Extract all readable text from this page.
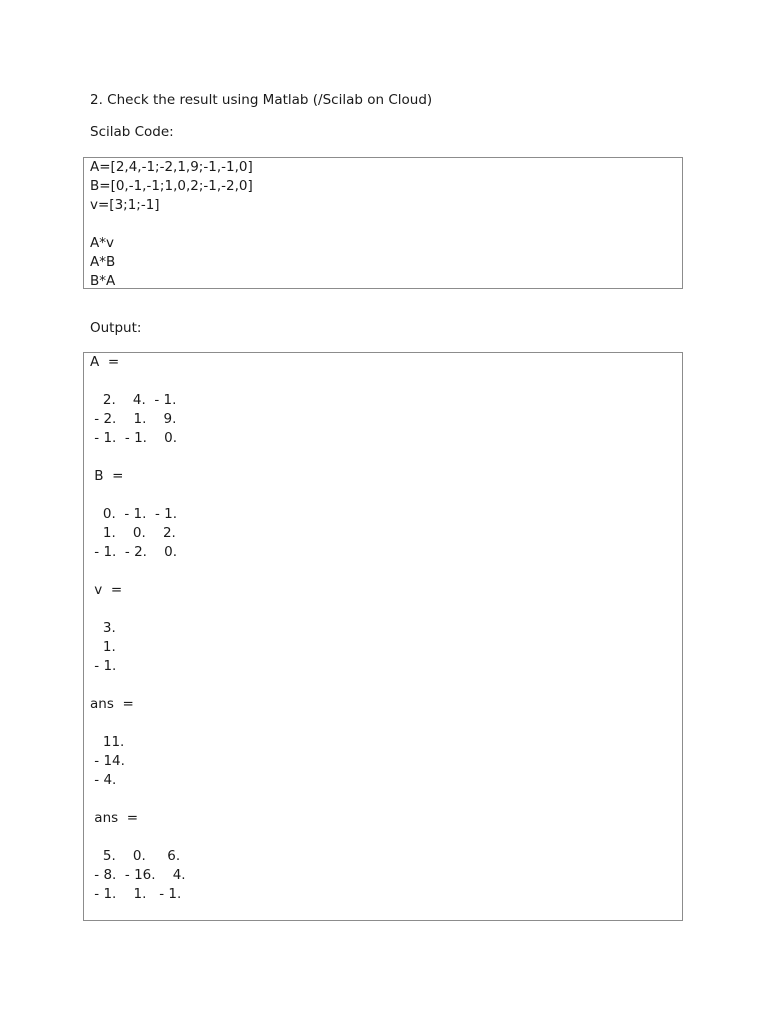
2. Check the result using Matlab (/Scilab on Cloud)
Scilab Code:
A=[2,4,-1;-2,1,9;-1,-1,0]
B=[0,-1,-1;1,0,2;-1,-2,0]
v=[3;1;-1]
A*v
A*B
B*A
Output:
A  =
2.    4.  - 1.
- 2.    1.    9.
- 1.  - 1.    0.
B  =
0.  - 1.  - 1.
1.    0.    2.
- 1.  - 2.    0.
v  =
3.
1.
- 1.
ans  =
11.
- 14.
- 4.
ans  =
5.    0.     6.
- 8.  - 16.    4.
- 1.    1.   - 1.
